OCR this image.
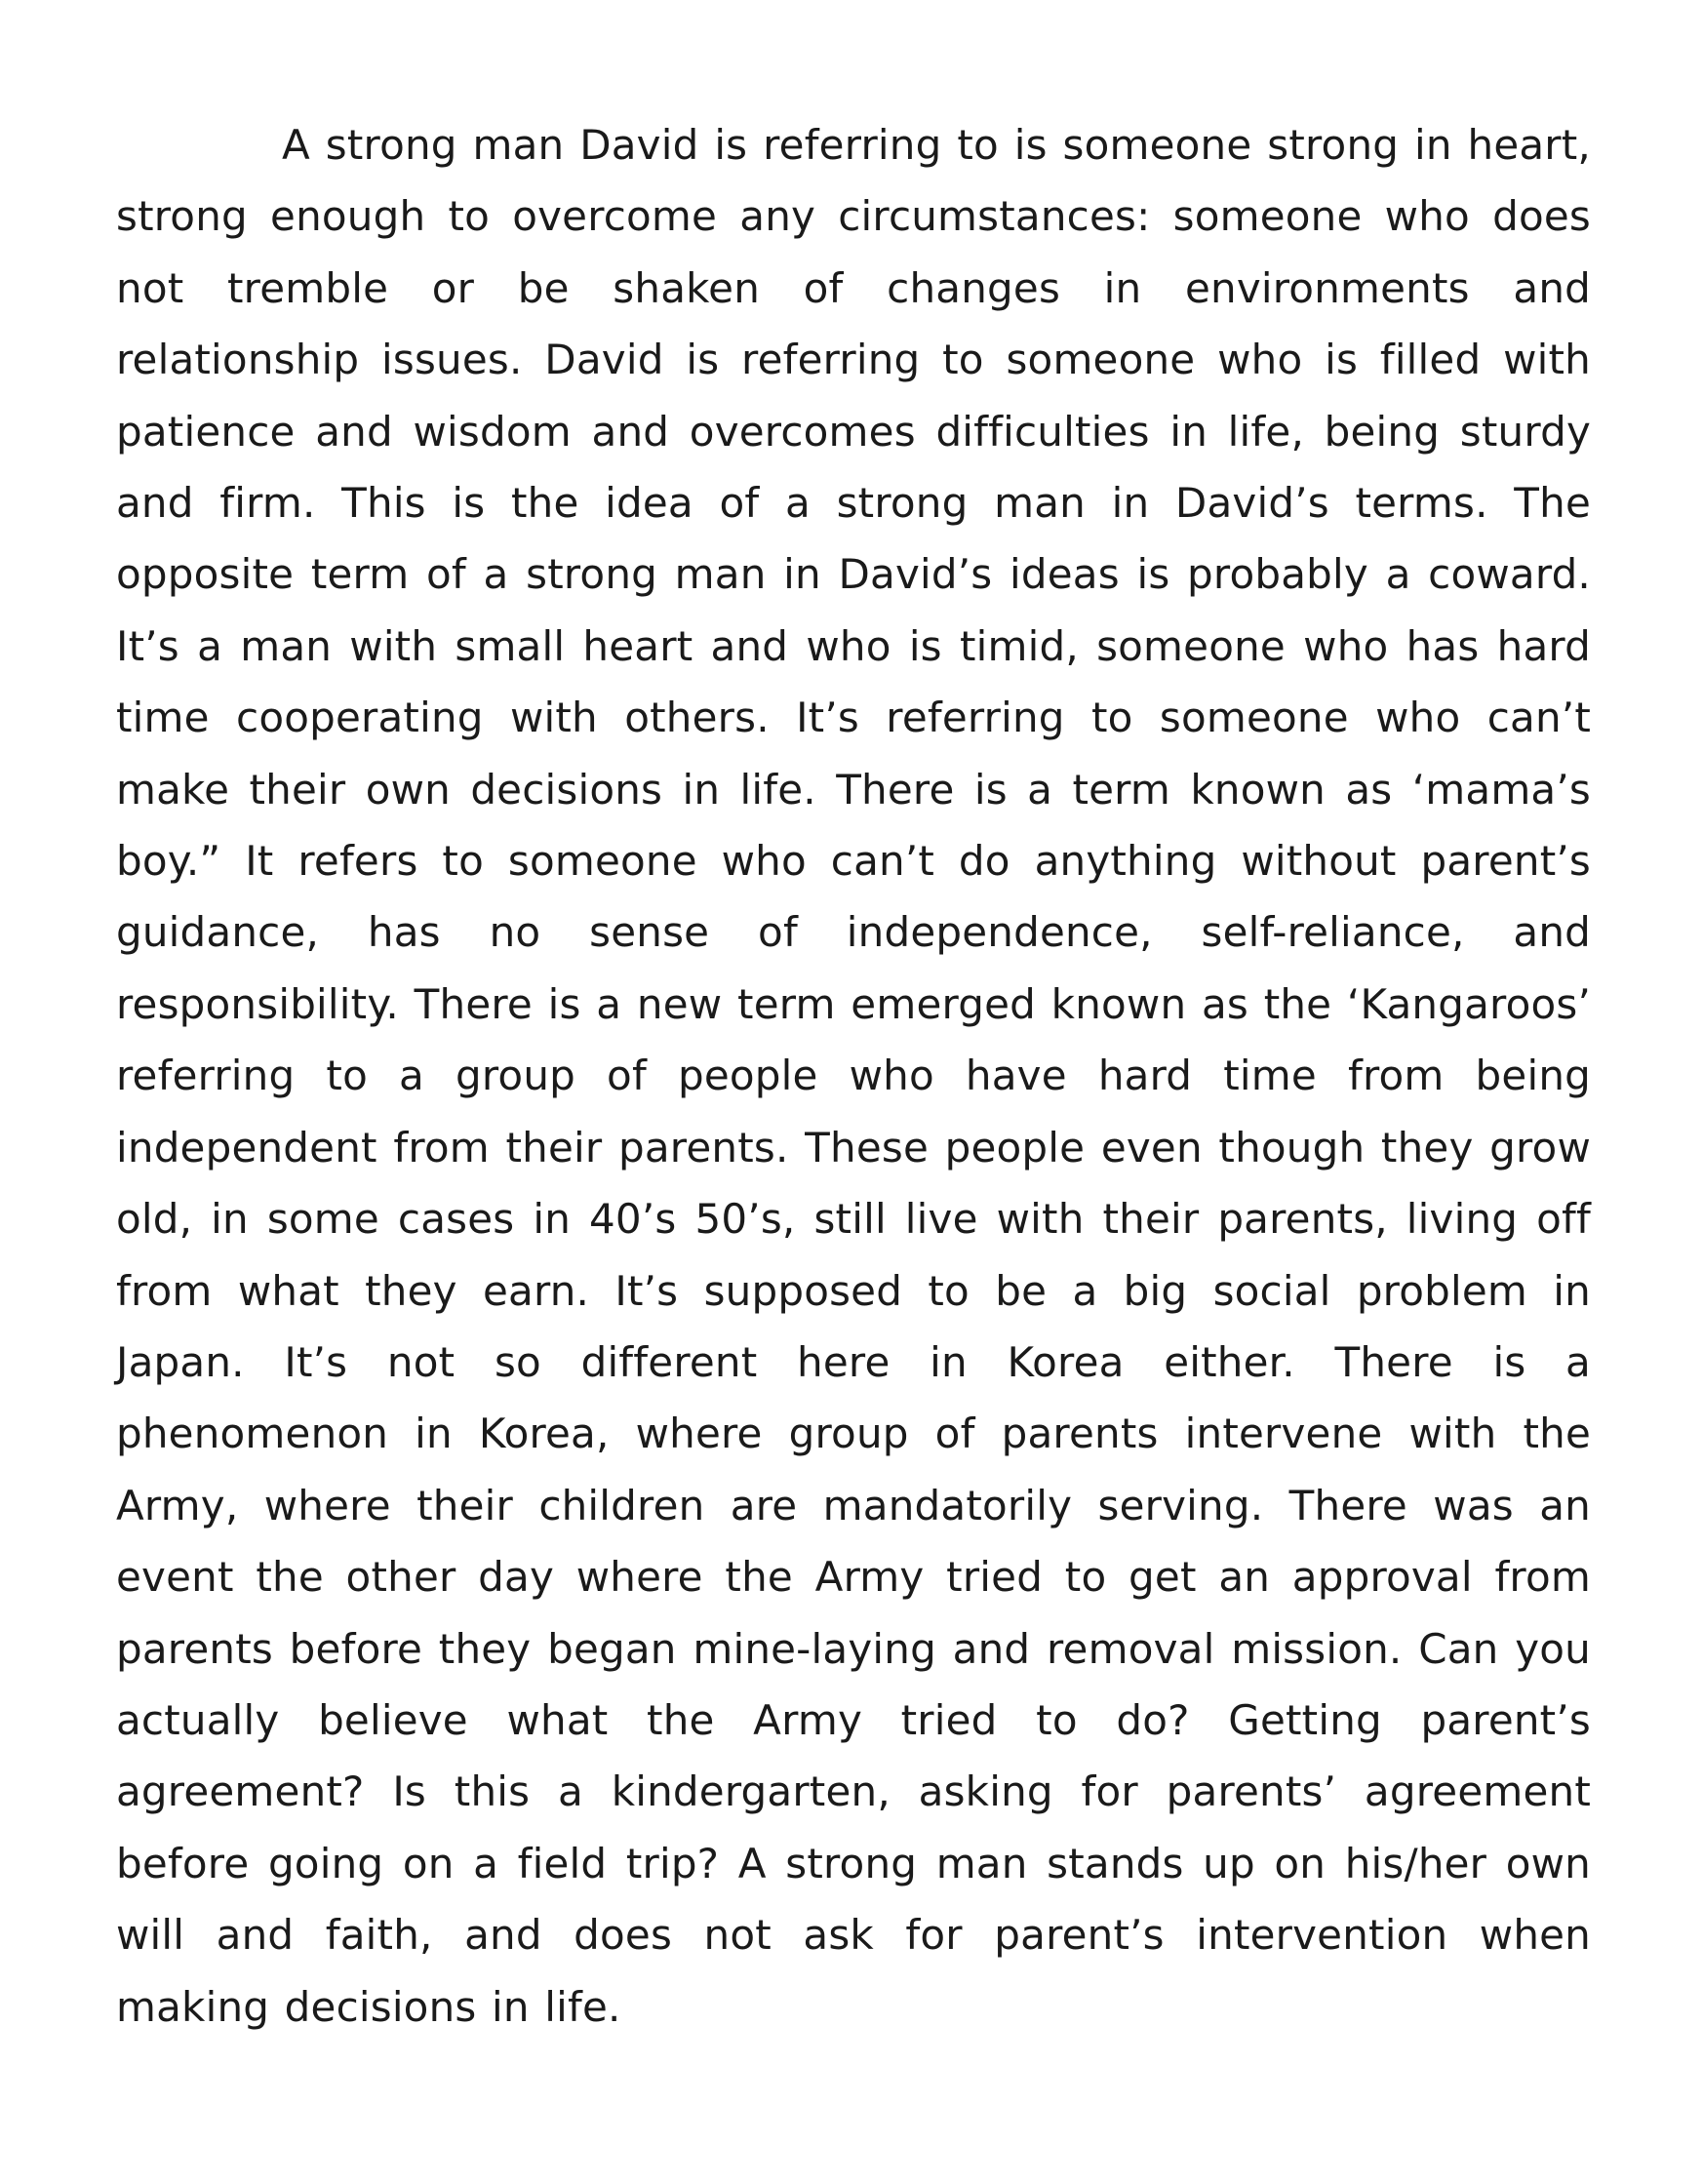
A strong man David is referring to is someone strong in heart, strong enough to overcome any circumstances: someone who does not tremble or be shaken of changes in environments and relationship issues. David is referring to someone who is filled with patience and wisdom and overcomes difficulties in life, being sturdy and firm. This is the idea of a strong man in David’s terms. The opposite term of a strong man in David’s ideas is probably a coward. It’s a man with small heart and who is timid, someone who has hard time cooperating with others. It’s referring to someone who can’t make their own decisions in life. There is a term known as ‘mama’s boy.” It refers to someone who can’t do anything without parent’s guidance, has no sense of independence, self-reliance, and responsibility. There is a new term emerged known as the ‘Kangaroos’ referring to a group of people who have hard time from being independent from their parents. These people even though they grow old, in some cases in 40’s 50’s, still live with their parents, living off from what they earn. It’s supposed to be a big social problem in Japan. It’s not so different here in Korea either. There is a phenomenon in Korea, where group of parents intervene with the Army, where their children are mandatorily serving. There was an event the other day where the Army tried to get an approval from parents before they began mine-laying and removal mission. Can you actually believe what the Army tried to do? Getting parent’s agreement? Is this a kindergarten, asking for parents’ agreement before going on a field trip? A strong man stands up on his/her own will and faith, and does not ask for parent’s intervention when making decisions in life.
